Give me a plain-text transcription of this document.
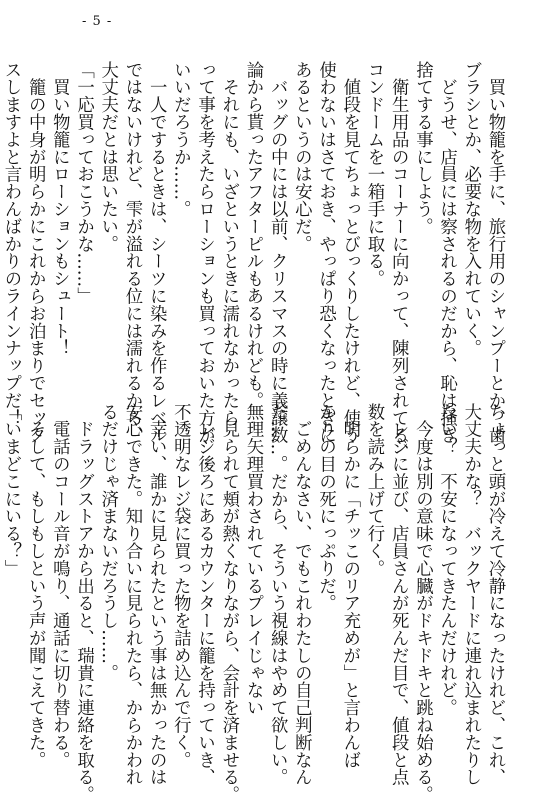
- 5 -
　買い物籠を手に、旅行用のシャンプーとか、歯
ブラシとか、必要な物を入れていく。
　どうせ、店員には察されるのだから、恥は掻き
捨てする事にしよう。
　衛生用品のコーナーに向かって、陳列されてる、
コンドームを一箱手に取る。
　値段を見てちょっとびっくりしたけれど、使う
使わないはさておき、やっぱり恐くなったときに
あるというのは安心だ。
　バッグの中には以前、クリスマスの時に義譲数
論から貰ったアフターピルもあるけれども。
　それにも、いざというときに濡れなかったら
って事を考えたらローションも買っておいた方が
いいだろうか……。
　一人でするときは、シーツに染みを作るレベル
ではないけれど、雫が溢れる位には濡れるから、
大丈夫だとは思いたい。
「一応買っておこうかな……」
　買い物籠にローションもシュート！
　籠の中身が明らかにこれからお泊まりでセック
スしますよと言わんばかりのラインナップだ！
ちょっと頭が冷えて冷静になったけれど、これ、
大丈夫かな？　バックヤードに連れ込まれたりし
ない？　不安になってきたんだけれど。
　今度は別の意味で心臓がドキドキと跳ね始める。
　レジに並び、店員さんが死んだ目で、値段と点
数を読み上げて行く。
　明らかに「チッこのリア充めが」と言わんば
かりの目の死にっぷりだ。
　ごめんなさい、でもこれわたしの自己判断なん
だ……。だから、そういう視線はやめて欲しい。
無理矢理買わされているプレイじゃない
　見られて頬が熱くなりながら、会計を済ませる。
　レジ後ろにあるカウンターに籠を持っていき、
不透明なレジ袋に買った物を詰め込んで行く。
　幸い、誰かに見られたという事は無かったのは
安心できた。知り合いに見られたら、からかわれ
るだけじゃ済まないだろうし……。
　ドラッグストアから出ると、瑞貴に連絡を取る。
　電話のコール音が鳴り、通話に切り替わる。
　そして、もしもしという声が聞こえてきた。
「いまどこにいる？」
